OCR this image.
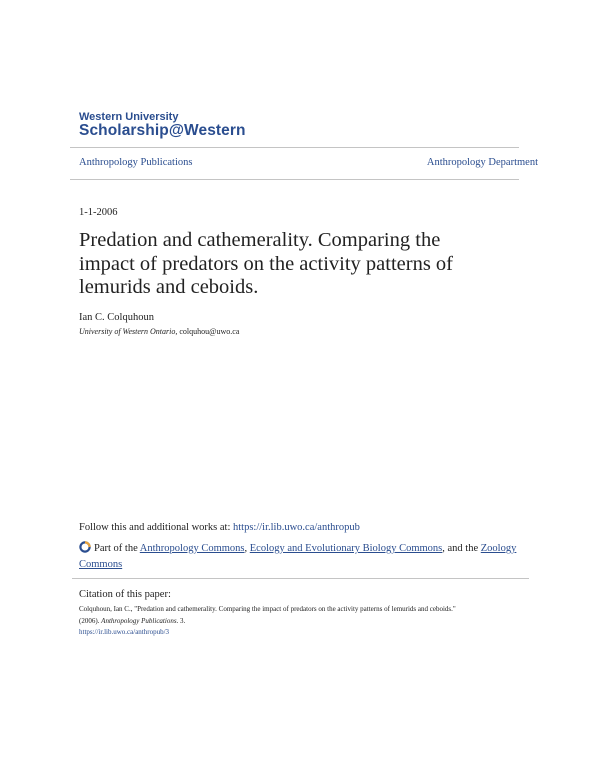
Western University
Scholarship@Western
Anthropology Publications	Anthropology Department
1-1-2006
Predation and cathemerality. Comparing the
impact of predators on the activity patterns of
lemurids and ceboids.
Ian C. Colquhoun
University of Western Ontario, colquhou@uwo.ca
Follow this and additional works at: https://ir.lib.uwo.ca/anthropub
Part of the Anthropology Commons, Ecology and Evolutionary Biology Commons, and the Zoology Commons
Citation of this paper:
Colquhoun, Ian C., "Predation and cathemerality. Comparing the impact of predators on the activity patterns of lemurids and ceboids."
(2006). Anthropology Publications. 3.
https://ir.lib.uwo.ca/anthropub/3
